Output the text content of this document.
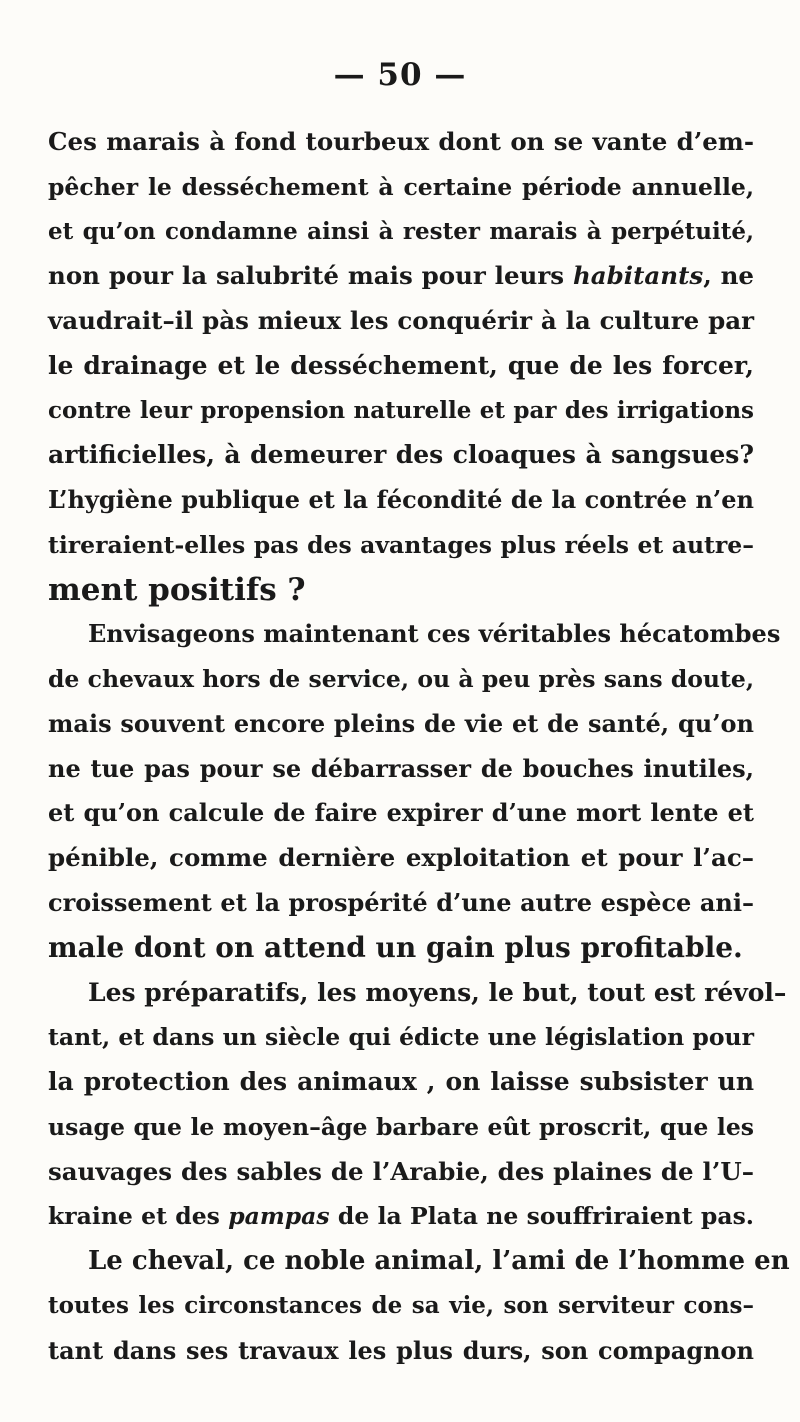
— 50 —
Ces marais à fond tourbeux dont on se vante d’em-
pêcher le desséchement à certaine période annuelle,
et qu’on condamne ainsi à rester marais à perpétuité,
non pour la salubrité mais pour leurs habitants, ne
vaudrait–il pàs mieux les conquérir à la culture par
le drainage et le desséchement, que de les forcer,
contre leur propension naturelle et par des irrigations
artificielles, à demeurer des cloaques à sangsues?
L’hygiène publique et la fécondité de la contrée n’en
tireraient-elles pas des avantages plus réels et autre–
ment positifs ?
Envisageons maintenant ces véritables hécatombes
de chevaux hors de service, ou à peu près sans doute,
mais souvent encore pleins de vie et de santé, qu’on
ne tue pas pour se débarrasser de bouches inutiles,
et qu’on calcule de faire expirer d’une mort lente et
pénible, comme dernière exploitation et pour l’ac–
croissement et la prospérité d’une autre espèce ani–
male dont on attend un gain plus profitable.
Les préparatifs, les moyens, le but, tout est révol–
tant, et dans un siècle qui édicte une législation pour
la protection des animaux , on laisse subsister un
usage que le moyen–âge barbare eût proscrit, que les
sauvages des sables de l’Arabie, des plaines de l’U–
kraine et des pampas de la Plata ne souffriraient pas.
Le cheval, ce noble animal, l’ami de l’homme en
toutes les circonstances de sa vie, son serviteur cons–
tant dans ses travaux les plus durs, son compagnon
